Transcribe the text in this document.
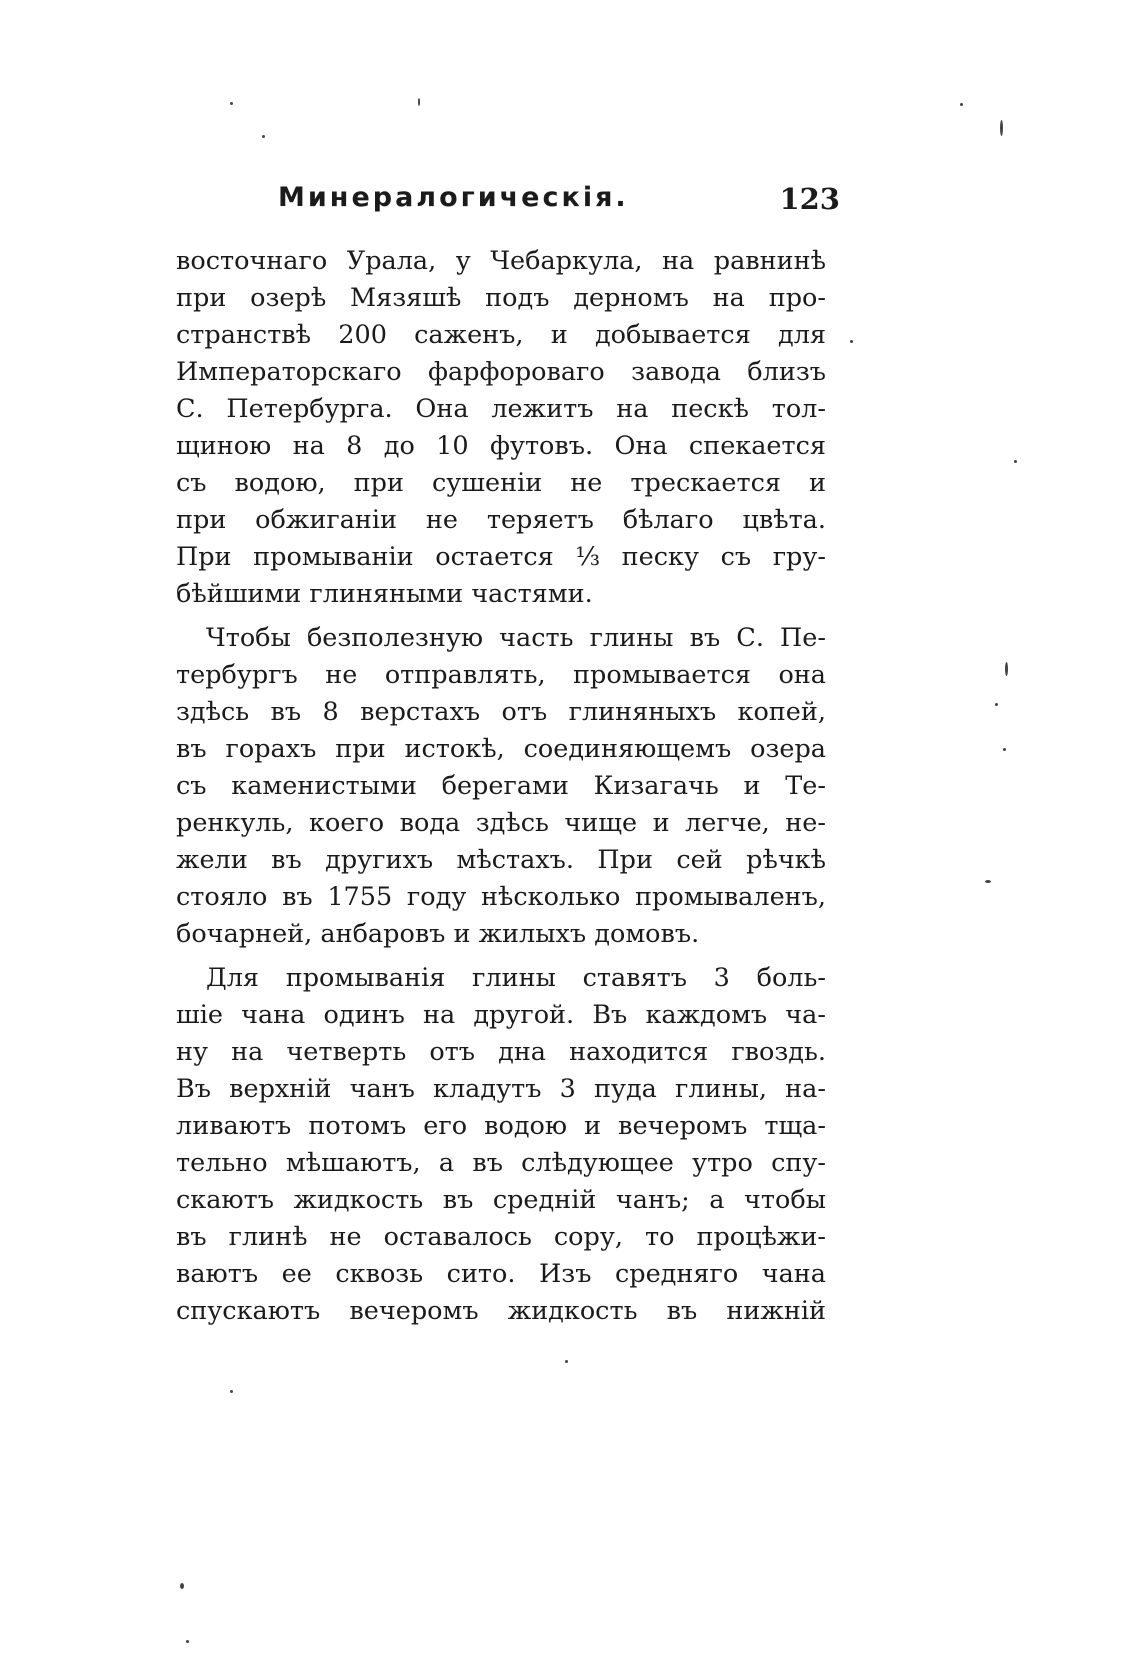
Минералогическія.	123
восточнаго Урала, у Чебаркула, на равнинѣ
при озерѣ Мязяшѣ подъ дерномъ на про-
странствѣ 200 саженъ, и добывается для
Императорскаго фарфороваго завода близъ
С. Петербурга. Она лежитъ на пескѣ тол-
щиною на 8 до 10 футовъ. Она спекается
съ водою, при сушеніи не трескается и
при обжиганіи не теряетъ бѣлаго цвѣта.
При промываніи остается ⅓ песку съ гру-
бѣйшими глиняными частями.
Чтобы безполезную часть глины въ С. Пе-
тербургъ не отправлять, промывается она
здѣсь въ 8 верстахъ отъ глиняныхъ копей,
въ горахъ при истокѣ, соединяющемъ озера
съ каменистыми берегами Кизагачь и Те-
ренкуль, коего вода здѣсь чище и легче, не-
жели въ другихъ мѣстахъ. При сей рѣчкѣ
стояло въ 1755 году нѣсколько промываленъ,
бочарней, анбаровъ и жилыхъ домовъ.
Для промыванія глины ставятъ 3 боль-
шіе чана одинъ на другой. Въ каждомъ ча-
ну на четверть отъ дна находится гвоздь.
Въ верхній чанъ кладутъ 3 пуда глины, на-
ливаютъ потомъ его водою и вечеромъ тща-
тельно мѣшаютъ, а въ слѣдующее утро спу-
скаютъ жидкость въ средній чанъ; а чтобы
въ глинѣ не оставалось сору, то процѣжи-
ваютъ ее сквозь сито. Изъ средняго чана
спускаютъ вечеромъ жидкость въ нижній
